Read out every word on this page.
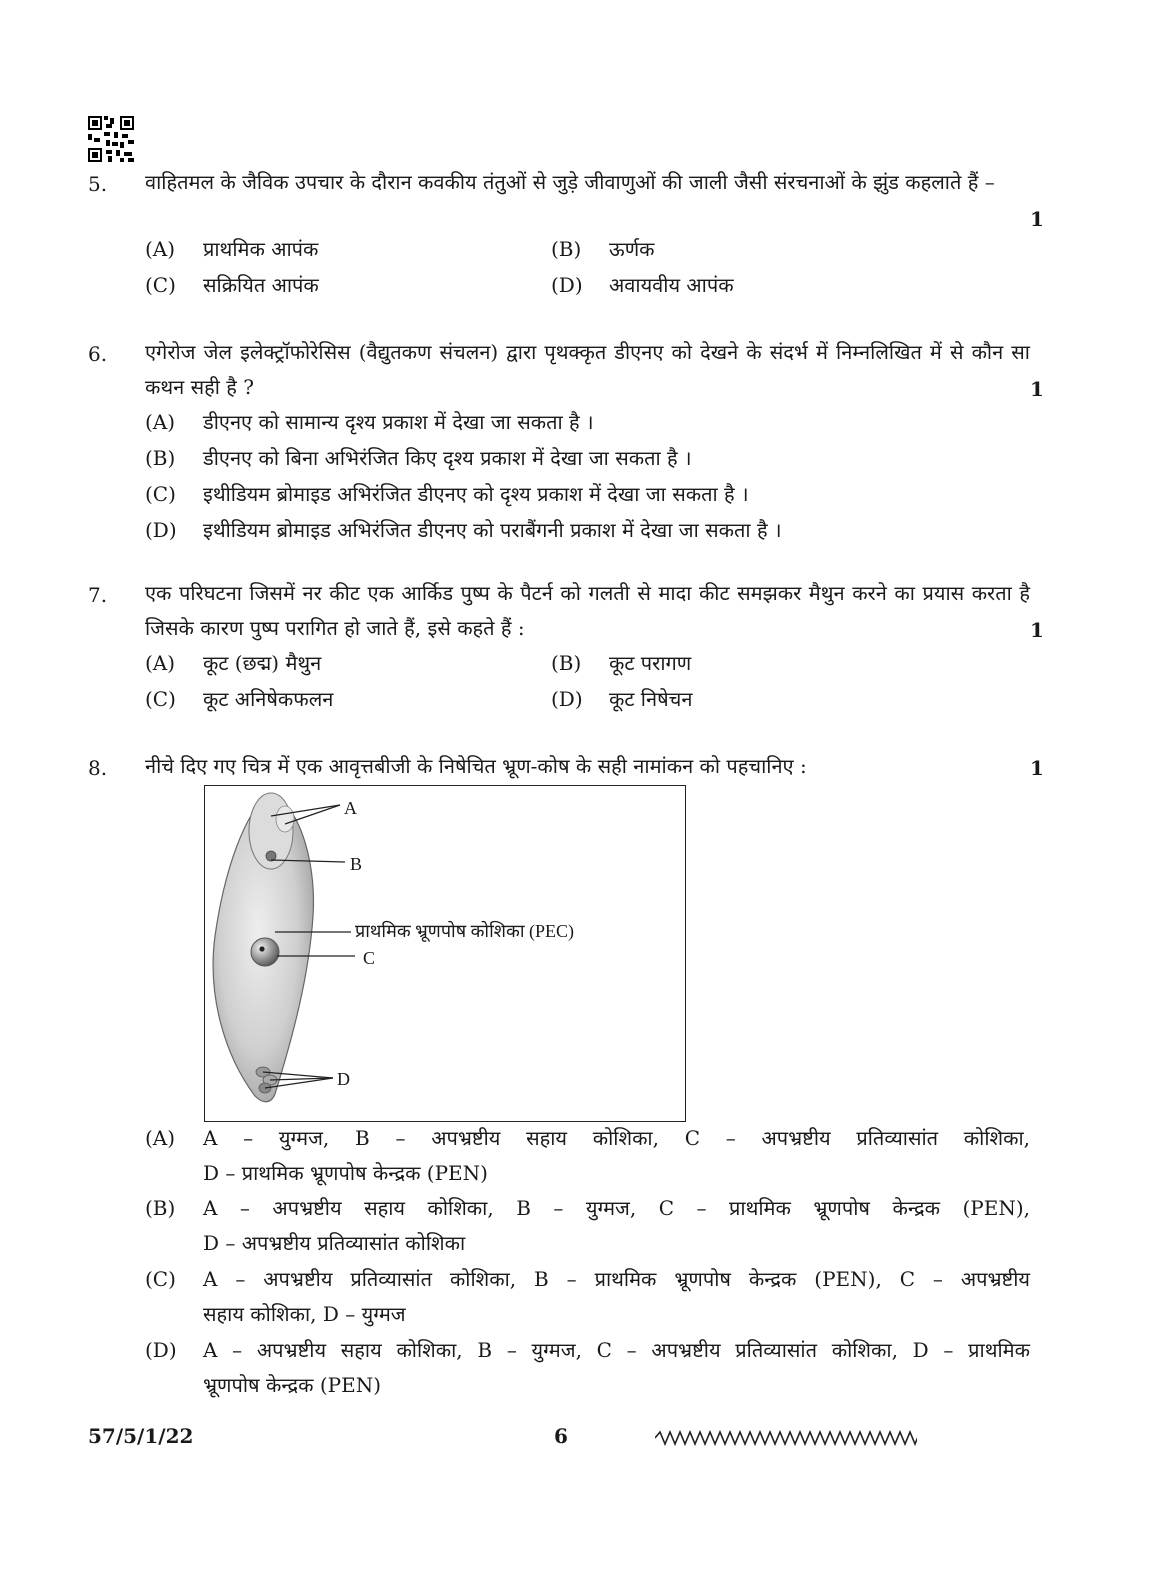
5. वाहितमल के जैविक उपचार के दौरान कवकीय तंतुओं से जुड़े जीवाणुओं की जाली जैसी संरचनाओं के झुंड कहलाते हैं –
1
(A) प्राथमिक आपंक	(B) ऊर्णक
(C) सक्रियित आपंक	(D) अवायवीय आपंक
6. एगेरोज जेल इलेक्ट्रॉफोरेसिस (वैद्युतकण संचलन) द्वारा पृथक्कृत डीएनए को देखने के संदर्भ में निम्नलिखित में से कौन सा कथन सही है ?	1
(A) डीएनए को सामान्य दृश्य प्रकाश में देखा जा सकता है ।
(B) डीएनए को बिना अभिरंजित किए दृश्य प्रकाश में देखा जा सकता है ।
(C) इथीडियम ब्रोमाइड अभिरंजित डीएनए को दृश्य प्रकाश में देखा जा सकता है ।
(D) इथीडियम ब्रोमाइड अभिरंजित डीएनए को पराबैंगनी प्रकाश में देखा जा सकता है ।
7. एक परिघटना जिसमें नर कीट एक आर्किड पुष्प के पैटर्न को गलती से मादा कीट समझकर मैथुन करने का प्रयास करता है जिसके कारण पुष्प परागित हो जाते हैं, इसे कहते हैं :	1
(A) कूट (छद्म) मैथुन	(B) कूट परागण
(C) कूट अनिषेकफलन	(D) कूट निषेचन
8. नीचे दिए गए चित्र में एक आवृत्तबीजी के निषेचित भ्रूण-कोष के सही नामांकन को पहचानिए :	1
A
B
प्राथमिक भ्रूणपोष कोशिका (PEC)
C
D
(A) A – युग्मज, B – अपभ्रष्टीय सहाय कोशिका, C – अपभ्रष्टीय प्रतिव्यासांत कोशिका,
D – प्राथमिक भ्रूणपोष केन्द्रक (PEN)
(B) A – अपभ्रष्टीय सहाय कोशिका, B – युग्मज, C – प्राथमिक भ्रूणपोष केन्द्रक (PEN),
D – अपभ्रष्टीय प्रतिव्यासांत कोशिका
(C) A – अपभ्रष्टीय प्रतिव्यासांत कोशिका, B – प्राथमिक भ्रूणपोष केन्द्रक (PEN), C – अपभ्रष्टीय
सहाय कोशिका, D – युग्मज
(D) A – अपभ्रष्टीय सहाय कोशिका, B – युग्मज, C – अपभ्रष्टीय प्रतिव्यासांत कोशिका, D – प्राथमिक
भ्रूणपोष केन्द्रक (PEN)
57/5/1/22	6
